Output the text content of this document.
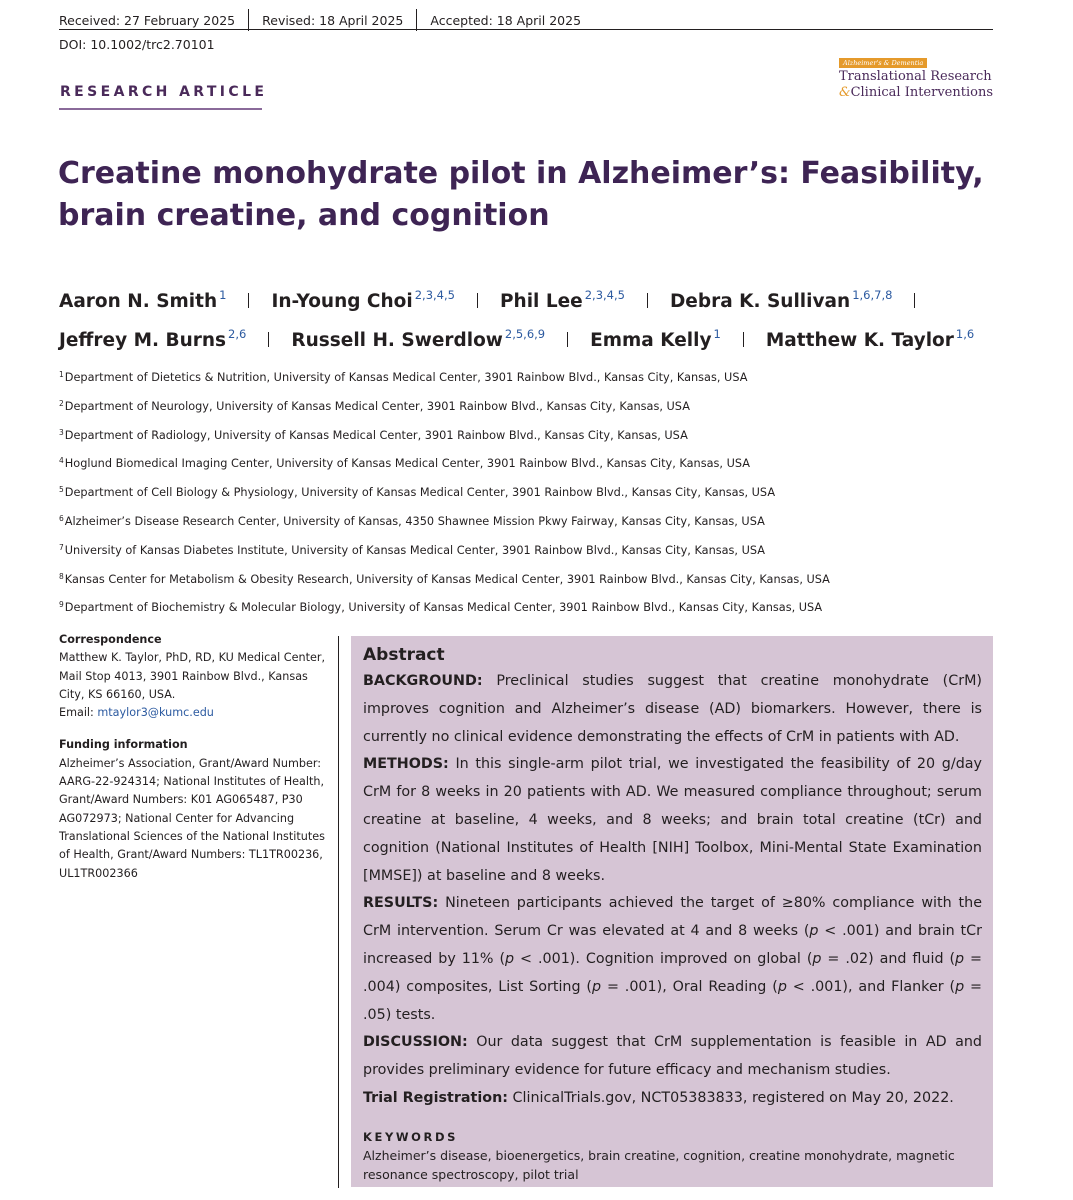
Received: 27 February 2025 Revised: 18 April 2025 Accepted: 18 April 2025
DOI: 10.1002/trc2.70101
Alzheimer's & Dementia
Translational Research
&Clinical Interventions
RESEARCH ARTICLE
Creatine monohydrate pilot in Alzheimer’s: Feasibility, brain creatine, and cognition
Aaron N. Smith $^1$ In-Young Choi $^{2,3,4,5}$ Phil Lee $^{2,3,4,5}$ Debra K. Sullivan $^{1,6,7,8}$
Jeffrey M. Burns $^{2,6}$ Russell H. Swerdlow $^{2,5,6,9}$ Emma Kelly $^1$ Matthew K. Taylor $^{1,6}$
$^1$Department of Dietetics & Nutrition, University of Kansas Medical Center, 3901 Rainbow Blvd., Kansas City, Kansas, USA
$^2$Department of Neurology, University of Kansas Medical Center, 3901 Rainbow Blvd., Kansas City, Kansas, USA
$^3$Department of Radiology, University of Kansas Medical Center, 3901 Rainbow Blvd., Kansas City, Kansas, USA
$^4$Hoglund Biomedical Imaging Center, University of Kansas Medical Center, 3901 Rainbow Blvd., Kansas City, Kansas, USA
$^5$Department of Cell Biology & Physiology, University of Kansas Medical Center, 3901 Rainbow Blvd., Kansas City, Kansas, USA
$^6$Alzheimer’s Disease Research Center, University of Kansas, 4350 Shawnee Mission Pkwy Fairway, Kansas City, Kansas, USA
$^7$University of Kansas Diabetes Institute, University of Kansas Medical Center, 3901 Rainbow Blvd., Kansas City, Kansas, USA
$^8$Kansas Center for Metabolism & Obesity Research, University of Kansas Medical Center, 3901 Rainbow Blvd., Kansas City, Kansas, USA
$^9$Department of Biochemistry & Molecular Biology, University of Kansas Medical Center, 3901 Rainbow Blvd., Kansas City, Kansas, USA
Correspondence
Matthew K. Taylor, PhD, RD, KU Medical Center, Mail Stop 4013, 3901 Rainbow Blvd., Kansas City, KS 66160, USA.
Email: mtaylor3@kumc.edu
Funding information
Alzheimer’s Association, Grant/Award Number: AARG-22-924314; National Institutes of Health, Grant/Award Numbers: K01 AG065487, P30 AG072973; National Center for Advancing Translational Sciences of the National Institutes of Health, Grant/Award Numbers: TL1TR00236, UL1TR002366
Abstract

BACKGROUND: Preclinical studies suggest that creatine monohydrate (CrM) improves cognition and Alzheimer’s disease (AD) biomarkers. However, there is currently no clinical evidence demonstrating the effects of CrM in patients with AD.

METHODS: In this single-arm pilot trial, we investigated the feasibility of 20 g/day CrM for 8 weeks in 20 patients with AD. We measured compliance throughout; serum creatine at baseline, 4 weeks, and 8 weeks; and brain total creatine (tCr) and cognition (National Institutes of Health [NIH] Toolbox, Mini-Mental State Examination [MMSE]) at baseline and 8 weeks.

RESULTS: Nineteen participants achieved the target of ≥80% compliance with the CrM intervention. Serum Cr was elevated at 4 and 8 weeks (p < .001) and brain tCr increased by 11% (p < .001). Cognition improved on global (p = .02) and fluid (p = .004) composites, List Sorting (p = .001), Oral Reading (p < .001), and Flanker (p = .05) tests.

DISCUSSION: Our data suggest that CrM supplementation is feasible in AD and provides preliminary evidence for future efficacy and mechanism studies.

Trial Registration: ClinicalTrials.gov, NCT05383833, registered on May 20, 2022.

KEYWORDS
Alzheimer’s disease, bioenergetics, brain creatine, cognition, creatine monohydrate, magnetic resonance spectroscopy, pilot trial
